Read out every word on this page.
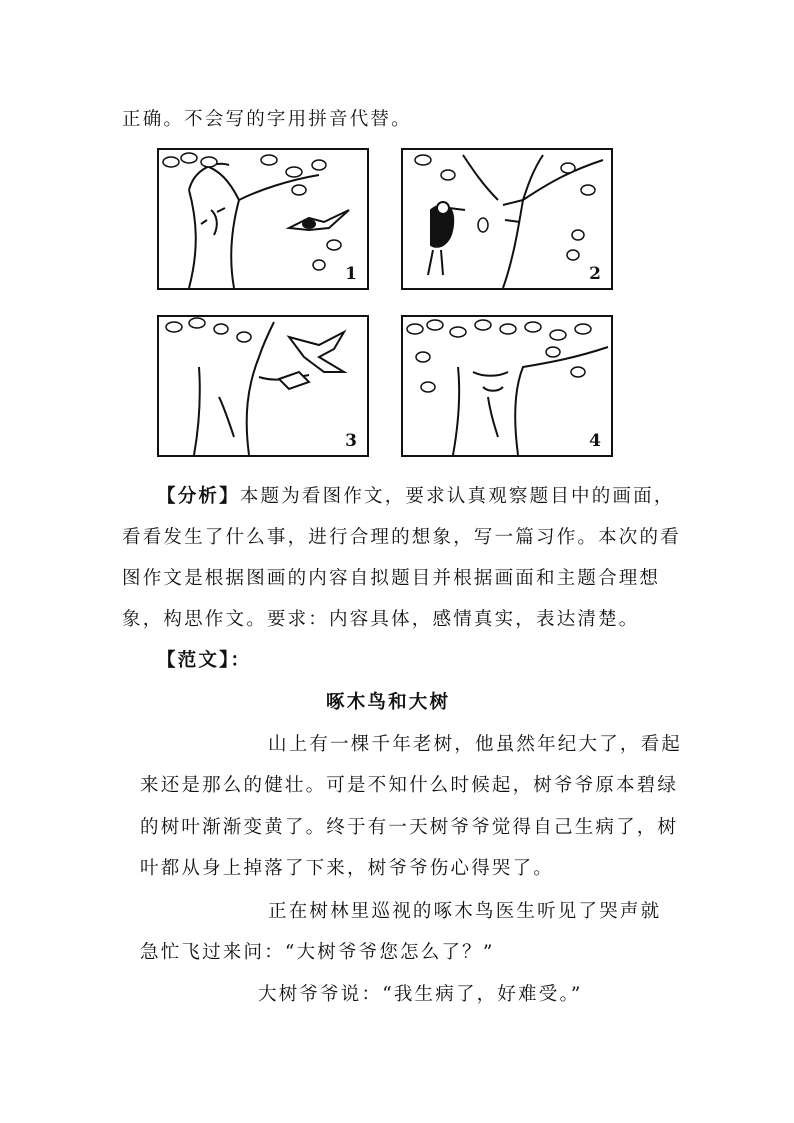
正确。不会写的字用拼音代替。
1	2
3	4
【分析】本题为看图作文，要求认真观察题目中的画面，
看看发生了什么事，进行合理的想象，写一篇习作。本次的看
图作文是根据图画的内容自拟题目并根据画面和主题合理想
象，构思作文。要求：内容具体，感情真实，表达清楚。
【范文】：
啄木鸟和大树
山上有一棵千年老树，他虽然年纪大了，看起
来还是那么的健壮。可是不知什么时候起，树爷爷原本碧绿
的树叶渐渐变黄了。终于有一天树爷爷觉得自己生病了，树
叶都从身上掉落了下来，树爷爷伤心得哭了。
正在树林里巡视的啄木鸟医生听见了哭声就
急忙飞过来问：“大树爷爷您怎么了？”
大树爷爷说：“我生病了，好难受。”
